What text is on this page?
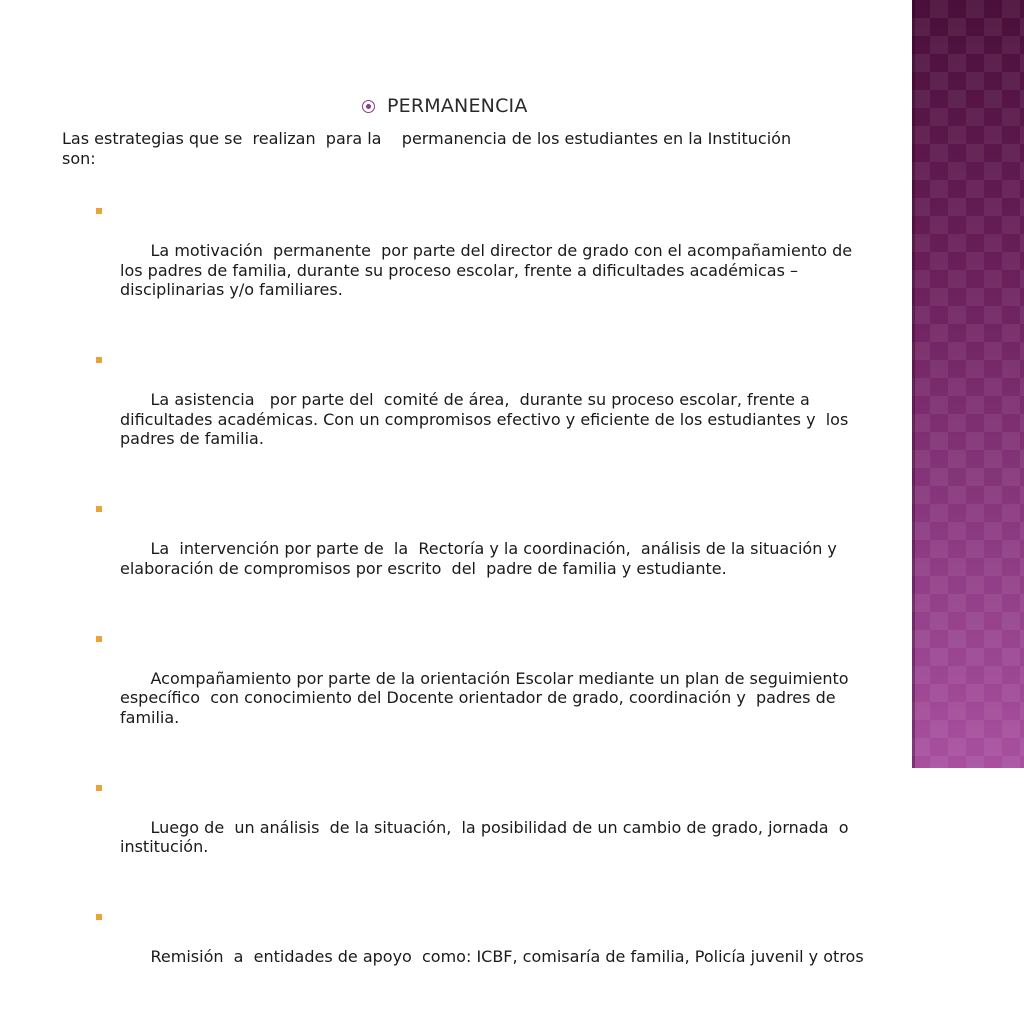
PERMANENCIA
Las estrategias que se  realizan  para la    permanencia de los estudiantes en la Institución son:

La motivación  permanente  por parte del director de grado con el acompañamiento de los padres de familia, durante su proceso escolar, frente a dificultades académicas – disciplinarias y/o familiares.

La asistencia   por parte del  comité de área,  durante su proceso escolar, frente a dificultades académicas. Con un compromisos efectivo y eficiente de los estudiantes y  los padres de familia.

La  intervención por parte de  la  Rectoría y la coordinación,  análisis de la situación y  elaboración de compromisos por escrito  del  padre de familia y estudiante.

Acompañamiento por parte de la orientación Escolar mediante un plan de seguimiento específico  con conocimiento del Docente orientador de grado, coordinación y  padres de familia.

Luego de  un análisis  de la situación,  la posibilidad de un cambio de grado, jornada  o institución.

Remisión  a  entidades de apoyo  como: ICBF, comisaría de familia, Policía juvenil y otros
